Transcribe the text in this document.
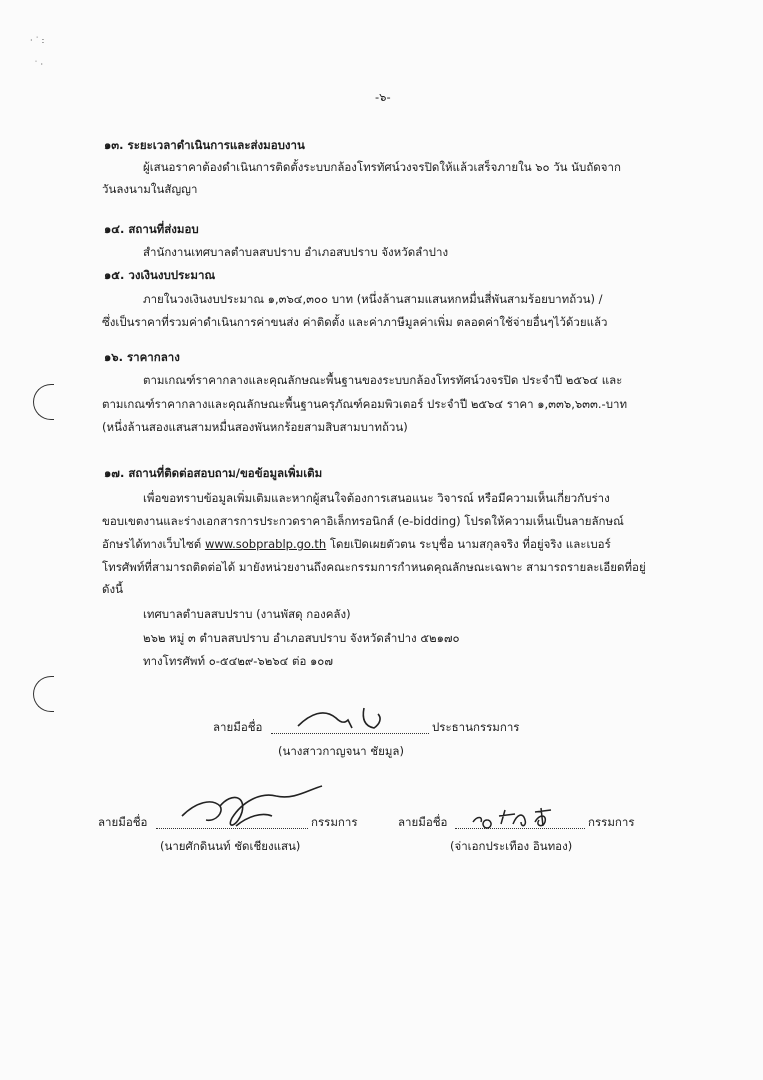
· ˙ :
˙ ·
-๖-
๑๓. ระยะเวลาดำเนินการและส่งมอบงาน
ผู้เสนอราคาต้องดำเนินการติดตั้งระบบกล้องโทรทัศน์วงจรปิดให้แล้วเสร็จภายใน ๖๐ วัน นับถัดจาก
วันลงนามในสัญญา
๑๔. สถานที่ส่งมอบ
สำนักงานเทศบาลตำบลสบปราบ อำเภอสบปราบ จังหวัดลำปาง
๑๕. วงเงินงบประมาณ
ภายในวงเงินงบประมาณ ๑,๓๖๔,๓๐๐ บาท (หนึ่งล้านสามแสนหกหมื่นสี่พันสามร้อยบาทถ้วน) /
ซึ่งเป็นราคาที่รวมค่าดำเนินการค่าขนส่ง ค่าติดตั้ง และค่าภาษีมูลค่าเพิ่ม ตลอดค่าใช้จ่ายอื่นๆไว้ด้วยแล้ว
๑๖. ราคากลาง
ตามเกณฑ์ราคากลางและคุณลักษณะพื้นฐานของระบบกล้องโทรทัศน์วงจรปิด ประจำปี ๒๕๖๔ และ
ตามเกณฑ์ราคากลางและคุณลักษณะพื้นฐานครุภัณฑ์คอมพิวเตอร์ ประจำปี ๒๕๖๔ ราคา ๑,๓๓๖,๖๓๓.-บาท
(หนึ่งล้านสองแสนสามหมื่นสองพันหกร้อยสามสิบสามบาทถ้วน)
๑๗. สถานที่ติดต่อสอบถาม/ขอข้อมูลเพิ่มเติม
เพื่อขอทราบข้อมูลเพิ่มเติมและหากผู้สนใจต้องการเสนอแนะ วิจารณ์ หรือมีความเห็นเกี่ยวกับร่าง
ขอบเขตงานและร่างเอกสารการประกวดราคาอิเล็กทรอนิกส์ (e-bidding) โปรดให้ความเห็นเป็นลายลักษณ์
อักษรได้ทางเว็บไซต์ www.sobprablp.go.th โดยเปิดเผยตัวตน ระบุชื่อ นามสกุลจริง ที่อยู่จริง และเบอร์
โทรศัพท์ที่สามารถติดต่อได้ มายังหน่วยงานถึงคณะกรรมการกำหนดคุณลักษณะเฉพาะ สามารถรายละเอียดที่อยู่
ดังนี้
เทศบาลตำบลสบปราบ (งานพัสดุ กองคลัง)
๒๖๒ หมู่ ๓ ตำบลสบปราบ อำเภอสบปราบ จังหวัดลำปาง ๕๒๑๗๐
ทางโทรศัพท์ ๐-๕๔๒๙-๖๒๖๔ ต่อ ๑๐๗
ลายมือชื่อ	ประธานกรรมการ
(นางสาวกาญจนา ชัยมูล)
ลายมือชื่อ	กรรมการ
(นายศักดินนท์ ชัดเชียงแสน)
ลายมือชื่อ	กรรมการ
(จ่าเอกประเทือง อินทอง)
